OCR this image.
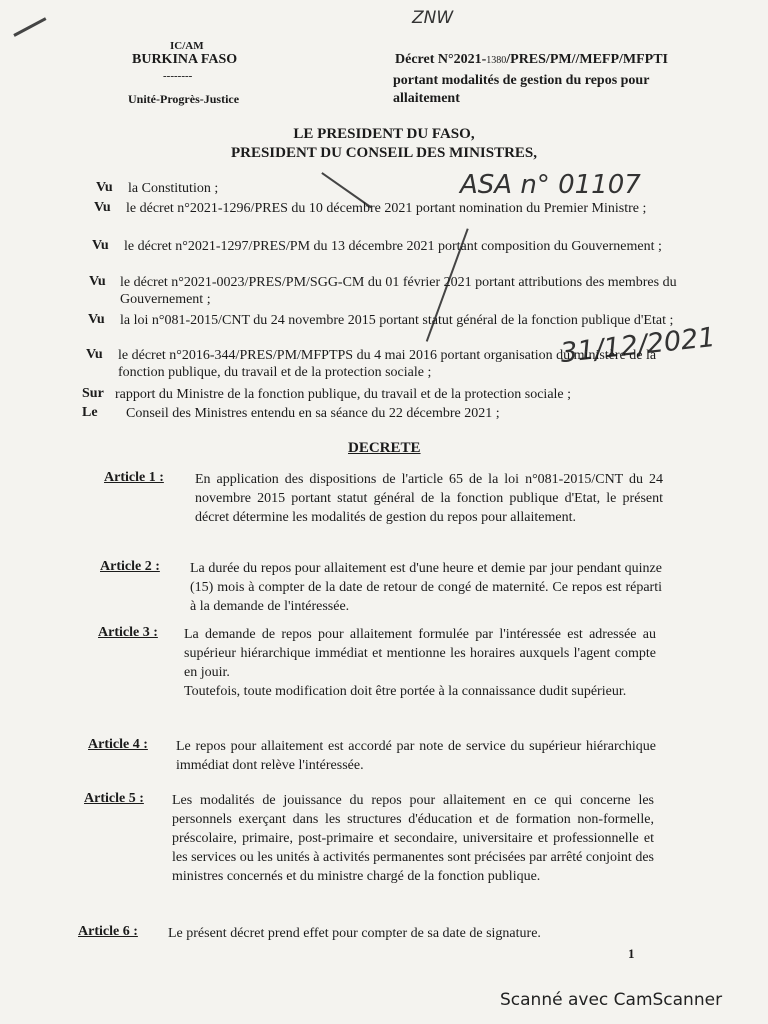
IC/AM
BURKINA FASO
--------
Unité-Progrès-Justice
Décret N°2021-1380/PRES/PM//MEFP/MFPTI
portant modalités de gestion du repos pour
allaitement
ZNW
ASA n° 01107
31/12/2021
LE PRESIDENT DU FASO,
PRESIDENT DU CONSEIL DES MINISTRES,
Vu la Constitution ;
Vu le décret n°2021-1296/PRES du 10 décembre 2021 portant nomination du Premier Ministre ;
Vu le décret n°2021-1297/PRES/PM du 13 décembre 2021 portant composition du Gouvernement ;
Vu le décret n°2021-0023/PRES/PM/SGG-CM du 01 février 2021 portant attributions des membres du Gouvernement ;
Vu la loi n°081-2015/CNT du 24 novembre 2015 portant statut général de la fonction publique d'Etat ;
Vu le décret n°2016-344/PRES/PM/MFPTPS du 4 mai 2016 portant organisation du ministère de la fonction publique, du travail et de la protection sociale ;
Sur rapport du Ministre de la fonction publique, du travail et de la protection sociale ;
Le Conseil des Ministres entendu en sa séance du 22 décembre 2021 ;
DECRETE
Article 1 : En application des dispositions de l'article 65 de la loi n°081-2015/CNT du 24 novembre 2015 portant statut général de la fonction publique d'Etat, le présent décret détermine les modalités de gestion du repos pour allaitement.

Article 2 : La durée du repos pour allaitement est d'une heure et demie par jour pendant quinze (15) mois à compter de la date de retour de congé de maternité. Ce repos est réparti à la demande de l'intéressée.

Article 3 : La demande de repos pour allaitement formulée par l'intéressée est adressée au supérieur hiérarchique immédiat et mentionne les horaires auxquels l'agent compte en jouir.

Toutefois, toute modification doit être portée à la connaissance dudit supérieur.

Article 4 : Le repos pour allaitement est accordé par note de service du supérieur hiérarchique immédiat dont relève l'intéressée.

Article 5 : Les modalités de jouissance du repos pour allaitement en ce qui concerne les personnels exerçant dans les structures d'éducation et de formation non-formelle, préscolaire, primaire, post-primaire et secondaire, universitaire et professionnelle et les services ou les unités à activités permanentes sont précisées par arrêté conjoint des ministres concernés et du ministre chargé de la fonction publique.

Article 6 : Le présent décret prend effet pour compter de sa date de signature.

1
Scanné avec CamScanner
